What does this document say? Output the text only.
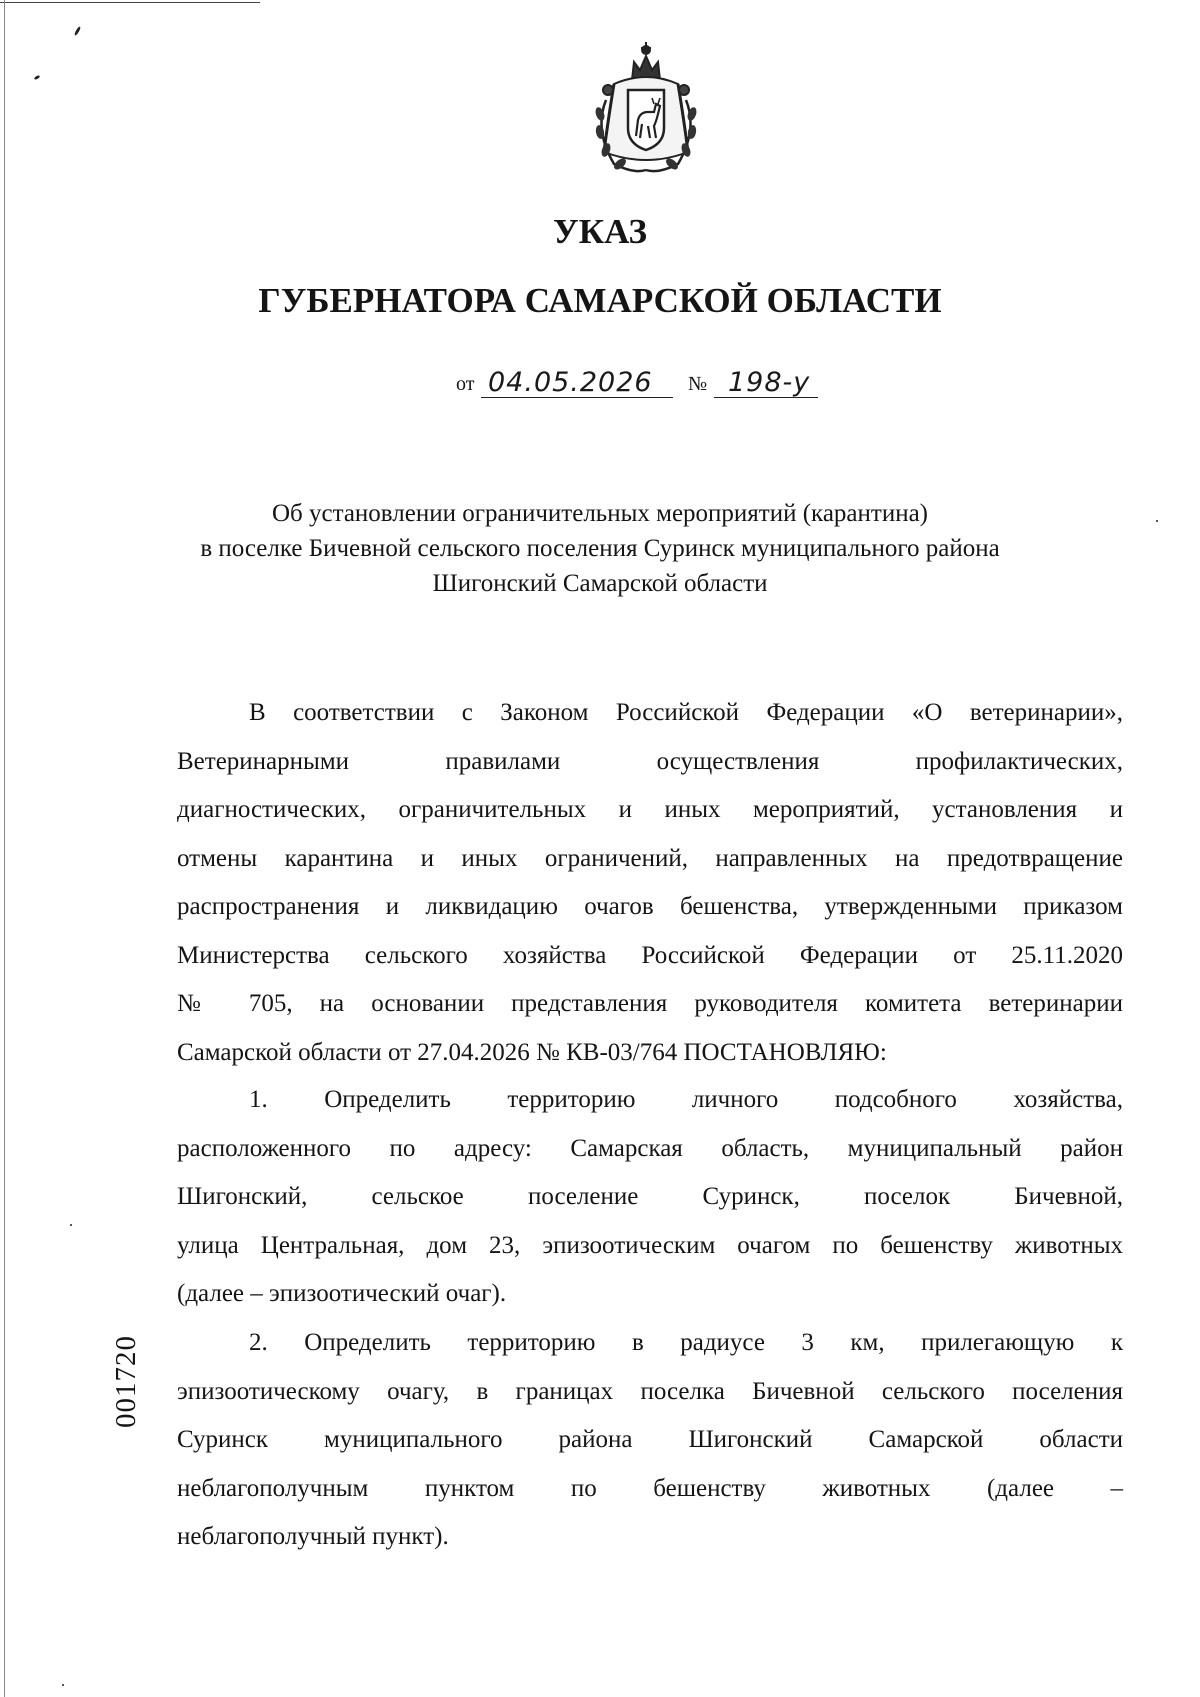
УКАЗ
ГУБЕРНАТОРА САМАРСКОЙ ОБЛАСТИ
от 04.05.2026 № 198-у
Об установлении ограничительных мероприятий (карантина)
в поселке Бичевной сельского поселения Суринск муниципального района
Шигонский Самарской области
В соответствии с Законом Российской Федерации «О ветеринарии»,
Ветеринарными правилами осуществления профилактических,
диагностических, ограничительных и иных мероприятий, установления и
отмены карантина и иных ограничений, направленных на предотвращение
распространения и ликвидацию очагов бешенства, утвержденными приказом
Министерства сельского хозяйства Российской Федерации от 25.11.2020
№ 705, на основании представления руководителя комитета ветеринарии
Самарской области от 27.04.2026 № КВ-03/764 ПОСТАНОВЛЯЮ:
1. Определить территорию личного подсобного хозяйства,
расположенного по адресу: Самарская область, муниципальный район
Шигонский, сельское поселение Суринск, поселок Бичевной,
улица Центральная, дом 23, эпизоотическим очагом по бешенству животных
(далее – эпизоотический очаг).
2. Определить территорию в радиусе 3 км, прилегающую к
эпизоотическому очагу, в границах поселка Бичевной сельского поселения
Суринск муниципального района Шигонский Самарской области
неблагополучным пунктом по бешенству животных (далее –
неблагополучный пункт).
001720
